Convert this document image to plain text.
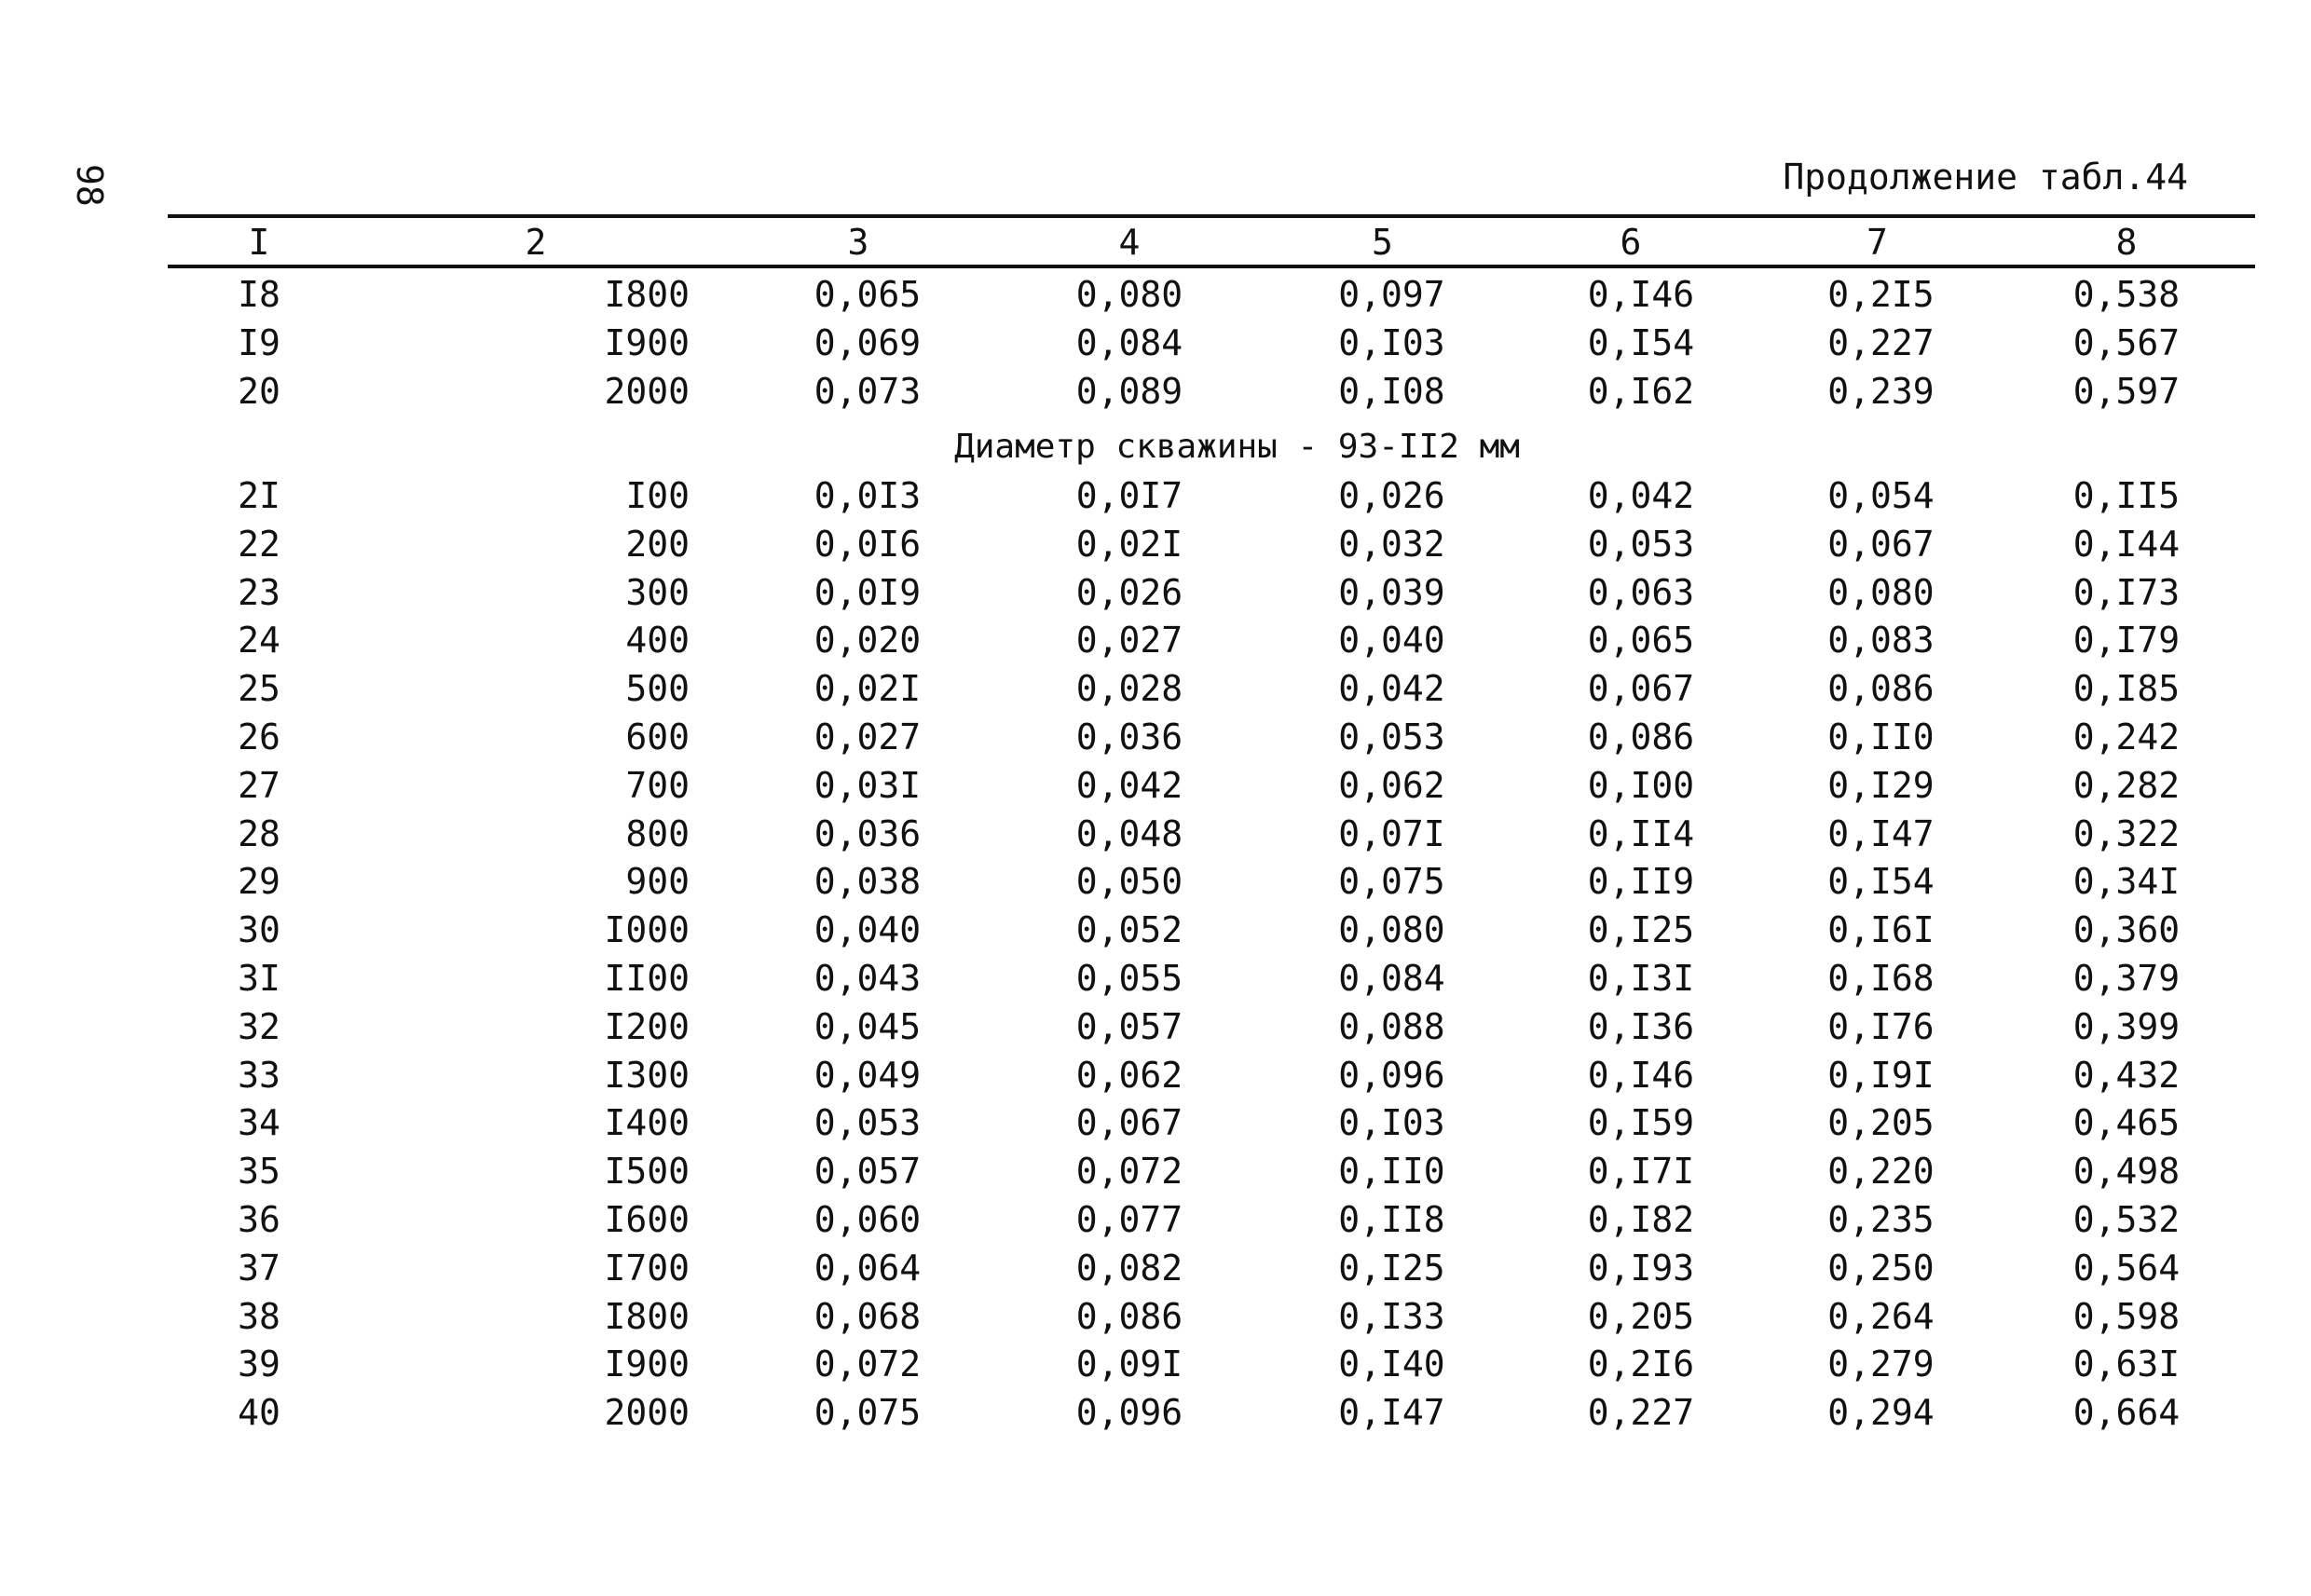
98	Продолжение табл.44
I	2	3	4	5	6	7	8
Диаметр скважины - 93-II2 мм
I8	I800	0,065	0,080	0,097	0,I46	0,2I5	0,538
I9	I900	0,069	0,084	0,I03	0,I54	0,227	0,567
20	2000	0,073	0,089	0,I08	0,I62	0,239	0,597
2I	I00	0,0I3	0,0I7	0,026	0,042	0,054	0,II5
22	200	0,0I6	0,02I	0,032	0,053	0,067	0,I44
23	300	0,0I9	0,026	0,039	0,063	0,080	0,I73
24	400	0,020	0,027	0,040	0,065	0,083	0,I79
25	500	0,02I	0,028	0,042	0,067	0,086	0,I85
26	600	0,027	0,036	0,053	0,086	0,II0	0,242
27	700	0,03I	0,042	0,062	0,I00	0,I29	0,282
28	800	0,036	0,048	0,07I	0,II4	0,I47	0,322
29	900	0,038	0,050	0,075	0,II9	0,I54	0,34I
30	I000	0,040	0,052	0,080	0,I25	0,I6I	0,360
3I	II00	0,043	0,055	0,084	0,I3I	0,I68	0,379
32	I200	0,045	0,057	0,088	0,I36	0,I76	0,399
33	I300	0,049	0,062	0,096	0,I46	0,I9I	0,432
34	I400	0,053	0,067	0,I03	0,I59	0,205	0,465
35	I500	0,057	0,072	0,II0	0,I7I	0,220	0,498
36	I600	0,060	0,077	0,II8	0,I82	0,235	0,532
37	I700	0,064	0,082	0,I25	0,I93	0,250	0,564
38	I800	0,068	0,086	0,I33	0,205	0,264	0,598
39	I900	0,072	0,09I	0,I40	0,2I6	0,279	0,63I
40	2000	0,075	0,096	0,I47	0,227	0,294	0,664
